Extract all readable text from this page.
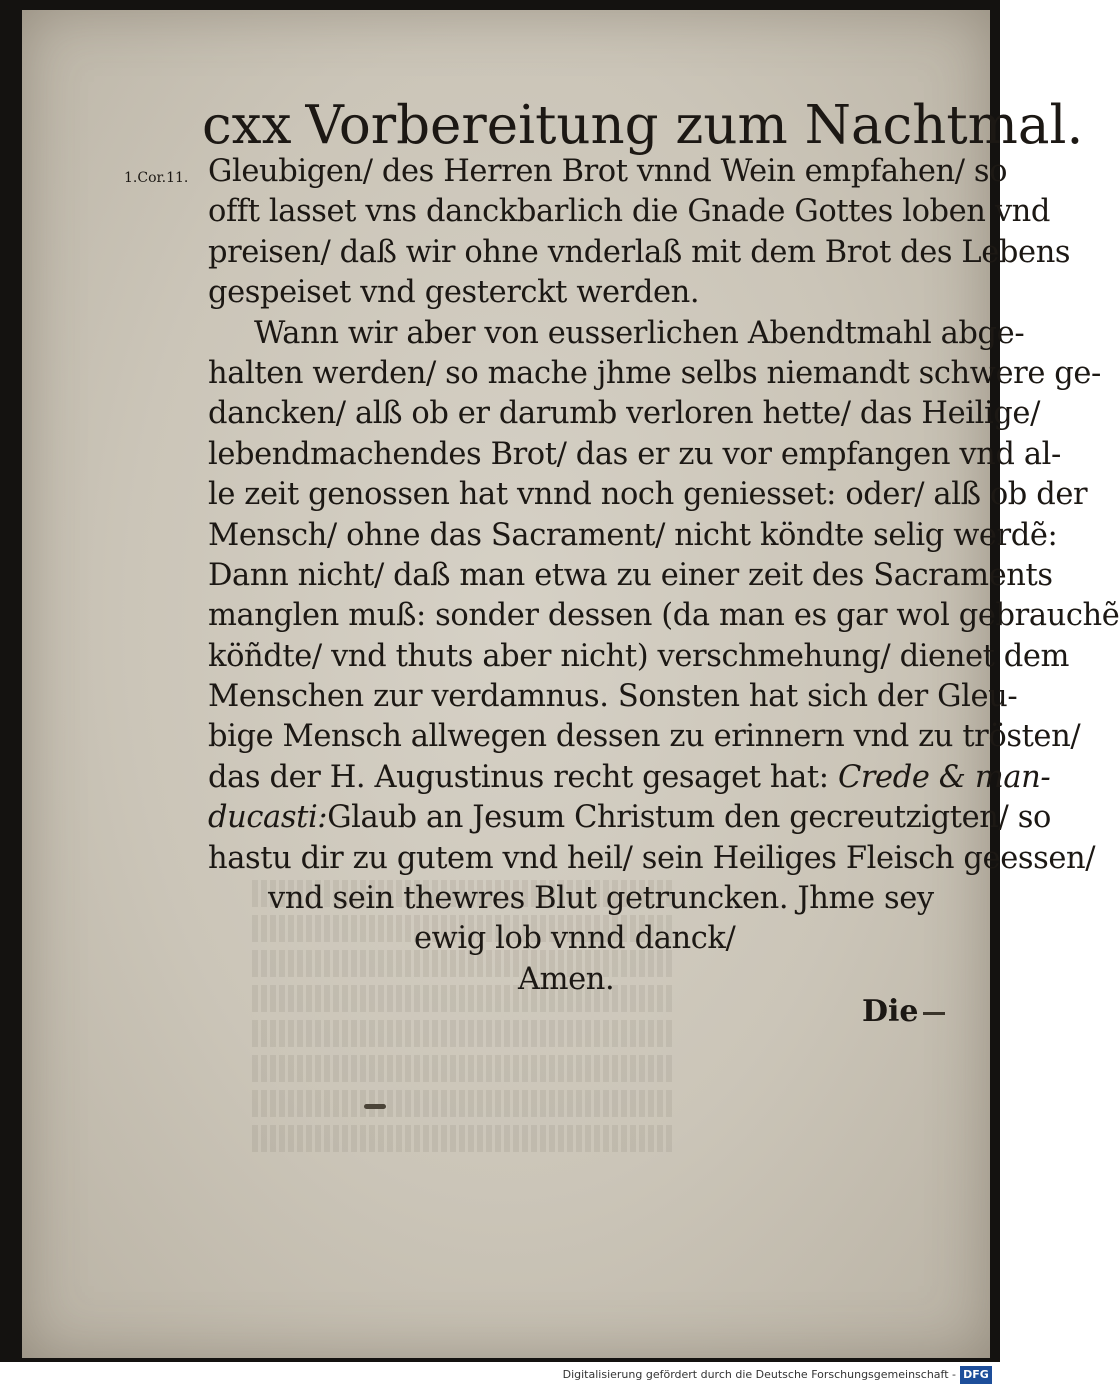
cxx Vorbereitung zum Nachtmal.
1.Cor.11. Gleubigen/ des Herren Brot vnnd Wein empfahen/ so
offt lasset vns danckbarlich die Gnade Gottes loben vnd
preisen/ daß wir ohne vnderlaß mit dem Brot des Lebens
gespeiset vnd gesterckt werden.
Wann wir aber von eusserlichen Abendtmahl abge-
halten werden/ so mache jhme selbs niemandt schwere ge-
dancken/ alß ob er darumb verloren hette/ das Heilige/
lebendmachendes Brot/ das er zu vor empfangen vnd al-
le zeit genossen hat vnnd noch geniesset: oder/ alß ob der
Mensch/ ohne das Sacrament/ nicht köndte selig werdẽ:
Dann nicht/ daß man etwa zu einer zeit des Sacraments
manglen muß: sonder dessen (da man es gar wol gebrauchẽ
köñdte/ vnd thuts aber nicht) verschmehung/ dienet dem
Menschen zur verdamnus. Sonsten hat sich der Gleu-
bige Mensch allwegen dessen zu erinnern vnd zu trösten/
das der H. Augustinus recht gesaget hat: Crede & man-
ducasti:Glaub an Jesum Christum den gecreutzigten/ so
hastu dir zu gutem vnd heil/ sein Heiliges Fleisch geessen/
vnd sein thewres Blut getruncken. Jhme sey
ewig lob vnnd danck/
Amen.
Die
Digitalisierung gefördert durch die Deutsche Forschungsgemeinschaft - DFG
